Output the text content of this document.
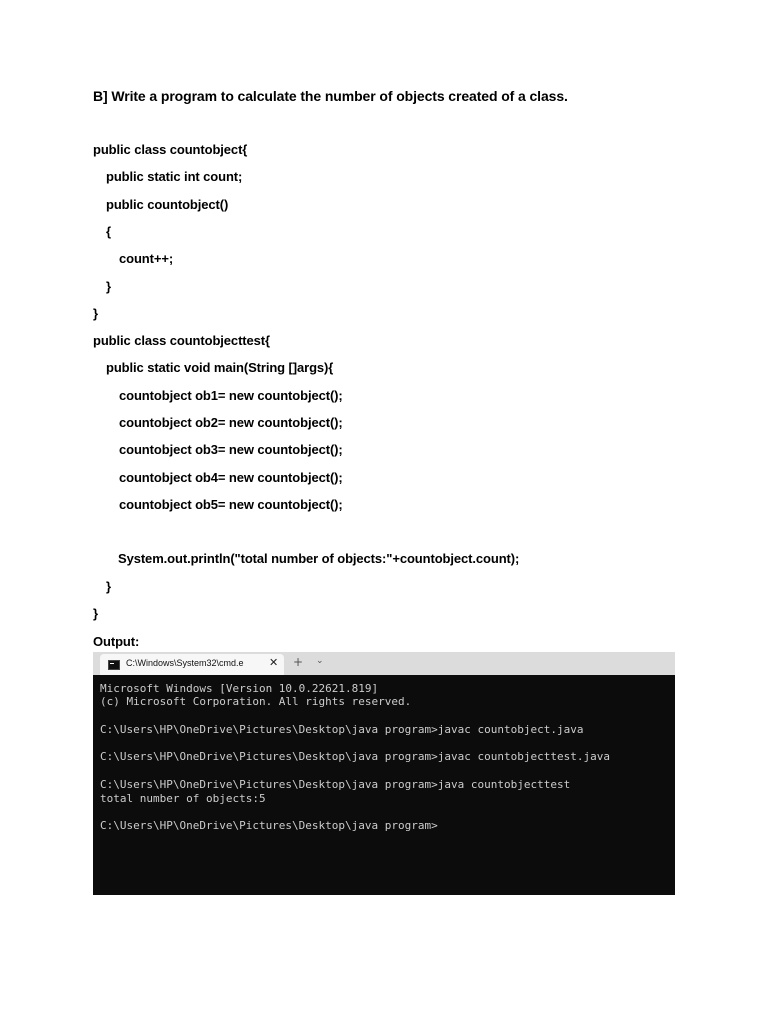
B] Write a program to calculate the number of objects created of a class.
public class countobject{
public static int count;
public countobject()
{
count++;
}
}
public class countobjecttest{
public static void main(String []args){
countobject ob1= new countobject();
countobject ob2= new countobject();
countobject ob3= new countobject();
countobject ob4= new countobject();
countobject ob5= new countobject();
System.out.println("total number of objects:"+countobject.count);
}
}
Output:
C:\Windows\System32\cmd.e ✕ + ⌄
Microsoft Windows [Version 10.0.22621.819]
(c) Microsoft Corporation. All rights reserved.
C:\Users\HP\OneDrive\Pictures\Desktop\java program>javac countobject.java
C:\Users\HP\OneDrive\Pictures\Desktop\java program>javac countobjecttest.java
C:\Users\HP\OneDrive\Pictures\Desktop\java program>java countobjecttest
total number of objects:5
C:\Users\HP\OneDrive\Pictures\Desktop\java program>
